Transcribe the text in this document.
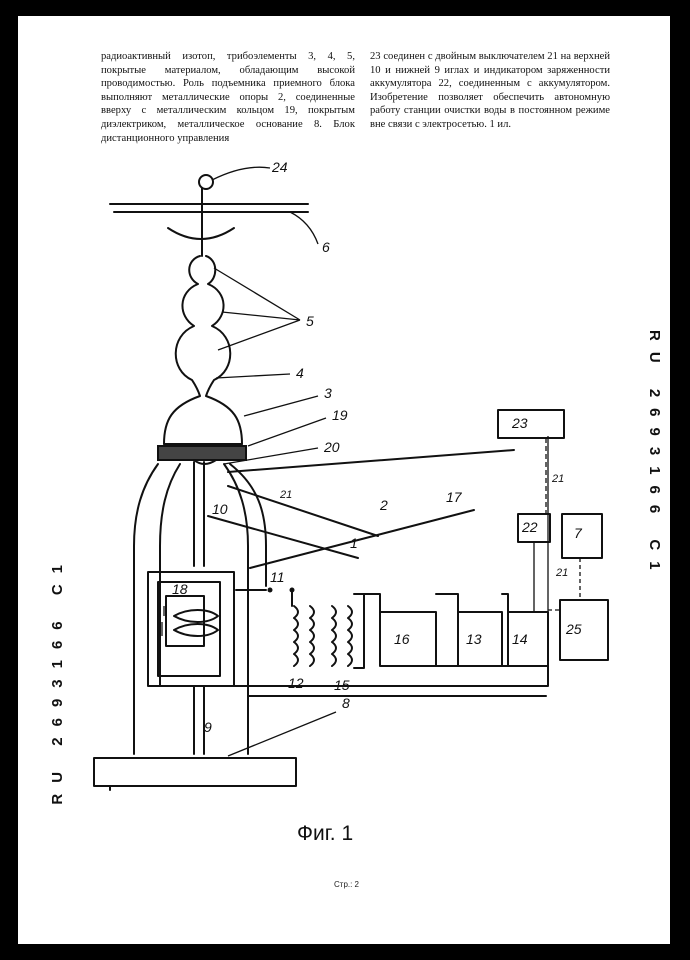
радиоактивный изотоп, трибоэлементы 3, 4, 5, покрытые материалом, обладающим высокой проводимостью. Роль подъемника приемного блока выполняют металлические опоры 2, соединенные вверху с металлическим кольцом 19, покрытым диэлектриком, металлическое основание 8. Блок дистанционного управления

23 соединен с двойным выключателем 21 на верхней 10 и нижней 9 иглах и индикатором заряженности аккумулятора 22, соединенным с аккумулятором. Изобретение позволяет обеспечить автономную работу станции очистки воды в постоянном режиме вне связи с электросетью. 1 ил.

RU 2693166 C1
RU 2693166 C1
24
6
5
4
3
19
20
23
10
21
2	17
1
22	7
21
11
18
16	13 14
25
12 15
21
9
8
Фиг. 1
Стр.: 2
